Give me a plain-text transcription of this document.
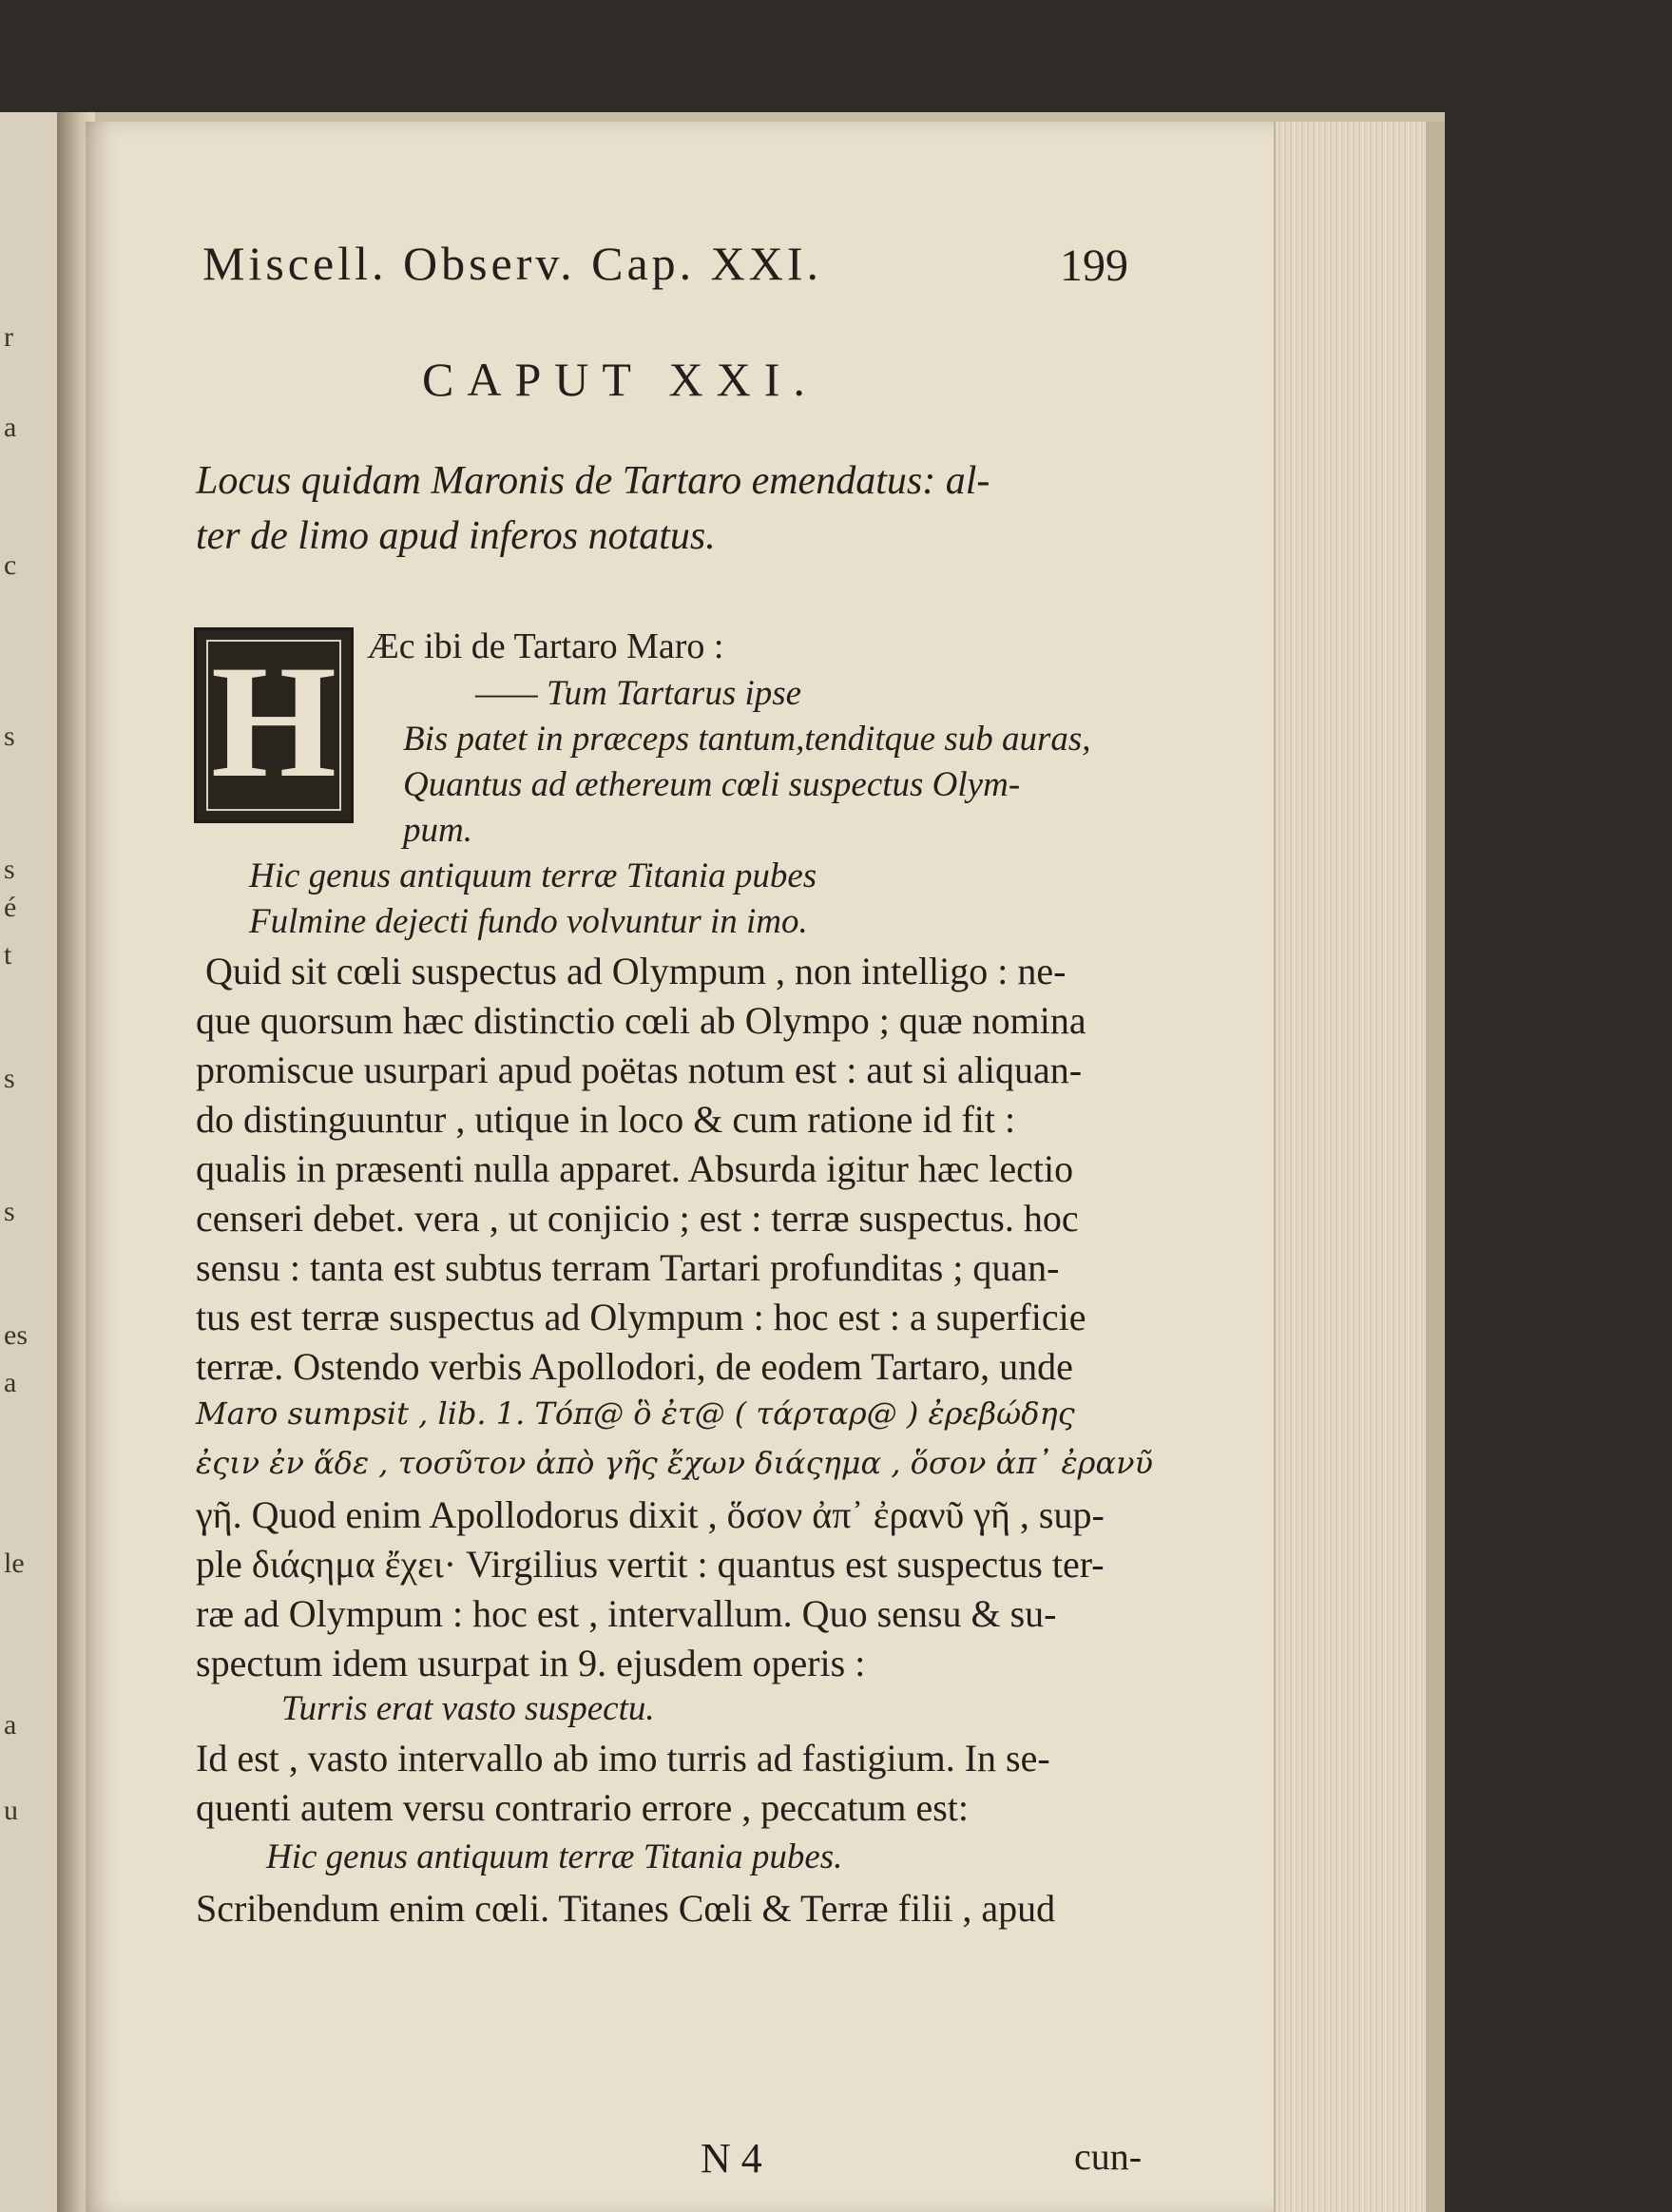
r
a
c
s
s
é
t
s
s
es
a
le
a
u
Miscell. Observ. Cap. XXI.	199
CAPUT XXI.
Locus quidam Maronis de Tartaro emendatus: al-
ter de limo apud inferos notatus.
H Æc ibi de Tartaro Maro :
—— Tum Tartarus ipse
Bis patet in præceps tantum,tenditque sub auras,
Quantus ad æthereum cœli suspectus Olym-
pum.
Hic genus antiquum terræ Titania pubes
Fulmine dejecti fundo volvuntur in imo.
Quid sit cœli suspectus ad Olympum , non intelligo : ne-
que quorsum hæc distinctio cœli ab Olympo ; quæ nomina
promiscue usurpari apud poëtas notum est : aut si aliquan-
do distinguuntur , utique in loco & cum ratione id fit :
qualis in præsenti nulla apparet. Absurda igitur hæc lectio
censeri debet. vera , ut conjicio ; est : terræ suspectus. hoc
sensu : tanta est subtus terram Tartari profunditas ; quan-
tus est terræ suspectus ad Olympum : hoc est : a superficie
terræ. Ostendo verbis Apollodori, de eodem Tartaro, unde
Maro sumpsit , lib. 1. Τόπ@ ὃ ἐτ@ ( τάρταρ@ ) ἐρεβώδης
ἐςιν ἐν ἅδε , τοσῦτον ἀπὸ γῆς ἔχων διάςημα , ὅσον ἀπ᾽ ἐρανῦ
γῆ. Quod enim Apollodorus dixit , ὅσον ἀπ᾽ ἐρανῦ γῆ , sup-
ple διάςημα ἔχει· Virgilius vertit : quantus est suspectus ter-
ræ ad Olympum : hoc est , intervallum. Quo sensu & su-
spectum idem usurpat in 9. ejusdem operis :
Turris erat vasto suspectu.
Id est , vasto intervallo ab imo turris ad fastigium. In se-
quenti autem versu contrario errore , peccatum est:
Hic genus antiquum terræ Titania pubes.
Scribendum enim cœli. Titanes Cœli & Terræ filii , apud
N 4	cun-
